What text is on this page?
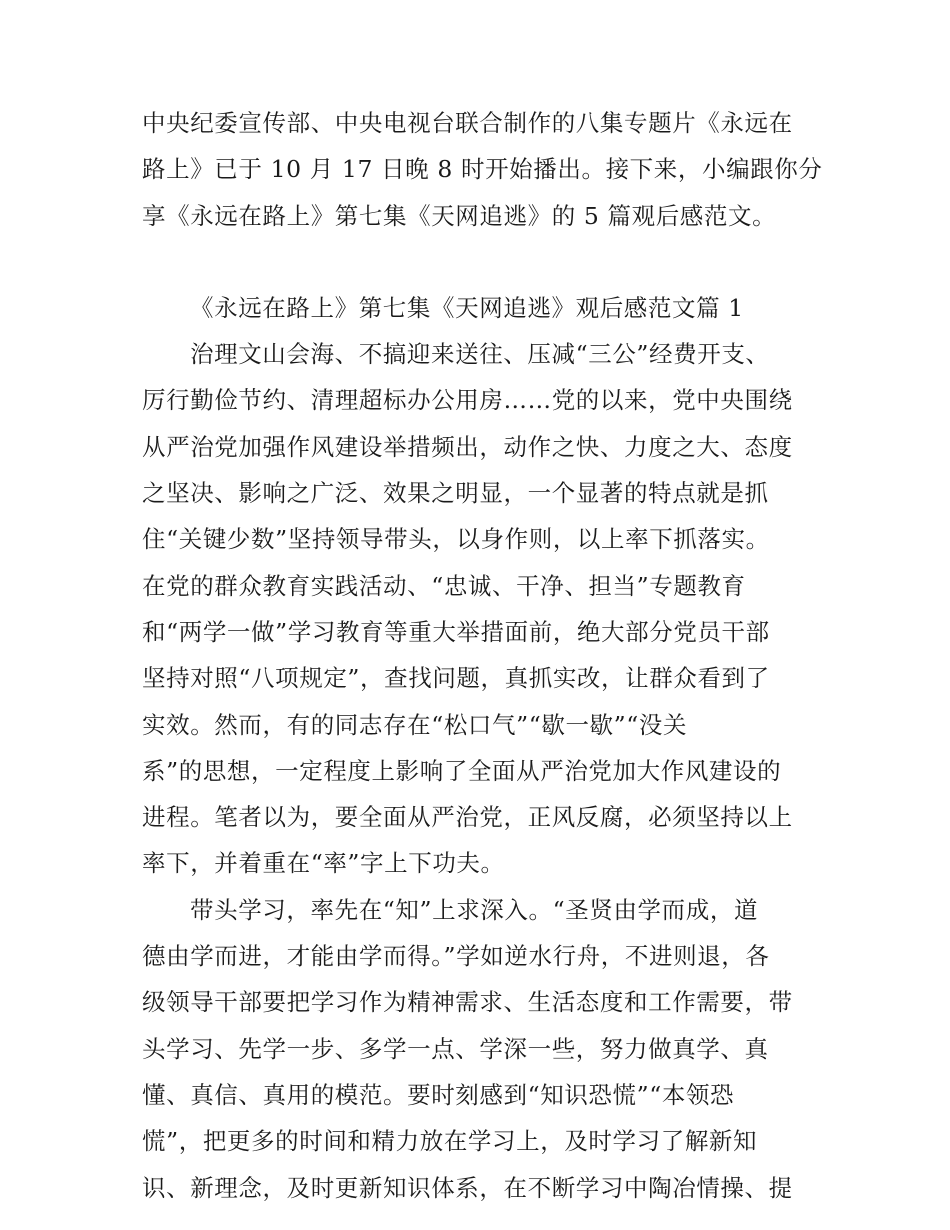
中央纪委宣传部、中央电视台联合制作的八集专题片《永远在
路上》已于 10 月 17 日晚 8 时开始播出。接下来，小编跟你分
享《永远在路上》第七集《天网追逃》的 5 篇观后感范文。
《永远在路上》第七集《天网追逃》观后感范文篇 1
治理文山会海、不搞迎来送往、压减“三公”经费开支、
厉行勤俭节约、清理超标办公用房……党的以来，党中央围绕
从严治党加强作风建设举措频出，动作之快、力度之大、态度
之坚决、影响之广泛、效果之明显，一个显著的特点就是抓
住“关键少数”坚持领导带头，以身作则，以上率下抓落实。
在党的群众教育实践活动、“忠诚、干净、担当”专题教育
和“两学一做”学习教育等重大举措面前，绝大部分党员干部
坚持对照“八项规定”，查找问题，真抓实改，让群众看到了
实效。然而，有的同志存在“松口气”“歇一歇”“没关
系”的思想，一定程度上影响了全面从严治党加大作风建设的
进程。笔者以为，要全面从严治党，正风反腐，必须坚持以上
率下，并着重在“率”字上下功夫。
带头学习，率先在“知”上求深入。“圣贤由学而成，道
德由学而进，才能由学而得。”学如逆水行舟，不进则退，各
级领导干部要把学习作为精神需求、生活态度和工作需要，带
头学习、先学一步、多学一点、学深一些，努力做真学、真
懂、真信、真用的模范。要时刻感到“知识恐慌”“本领恐
慌”，把更多的时间和精力放在学习上，及时学习了解新知
识、新理念，及时更新知识体系，在不断学习中陶冶情操、提
